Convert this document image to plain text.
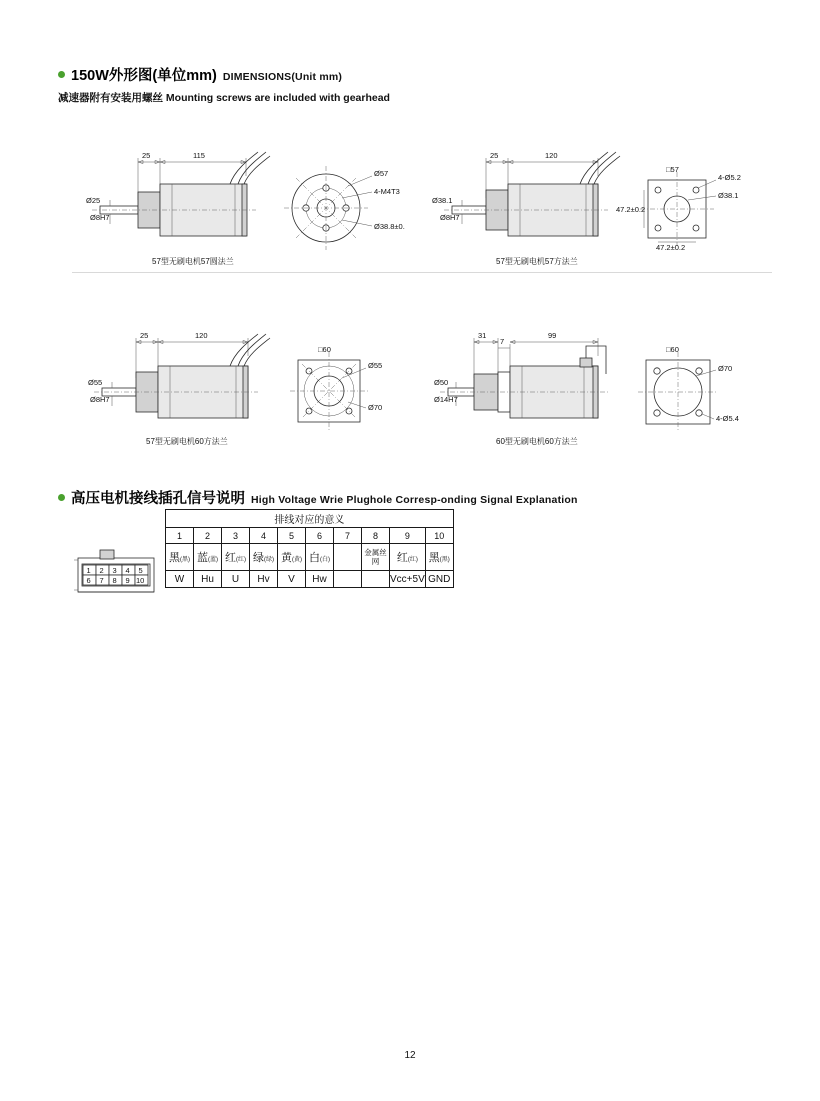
150W外形图(单位mm) DIMENSIONS(Unit mm)
减速器附有安装用螺丝 Mounting screws are included with gearhead
25	115
Ø25
Ø8H7
Ø57
4-M4T3
Ø38.8±0.
57型无刷电机57圆法兰
25	120
Ø38.1
Ø8H7
□57
4-Ø5.2
Ø38.1
47.2±0.2
47.2±0.2
57型无刷电机57方法兰
25	120
Ø55
Ø8H7
□60
Ø55
Ø70
57型无刷电机60方法兰
31
7
99
Ø50
Ø14H7
□60
Ø70
4-Ø5.4
60型无刷电机60方法兰
高压电机接线插孔信号说明 High Voltage Wrie Plughole Corresp-onding Signal Explanation
1 2 3 4 5
6 7 8 9 10
排线对应的意义									
1	2	3	4	5	6	7	8	9	10
黑(黑)	蓝(蓝)	红(红)	绿(绿)	黄(黄)	白(白)		金属丝网	红(红)	黑(黑)
W	Hu	U	Hv	V	Hw			Vcc+5V	GND
12
